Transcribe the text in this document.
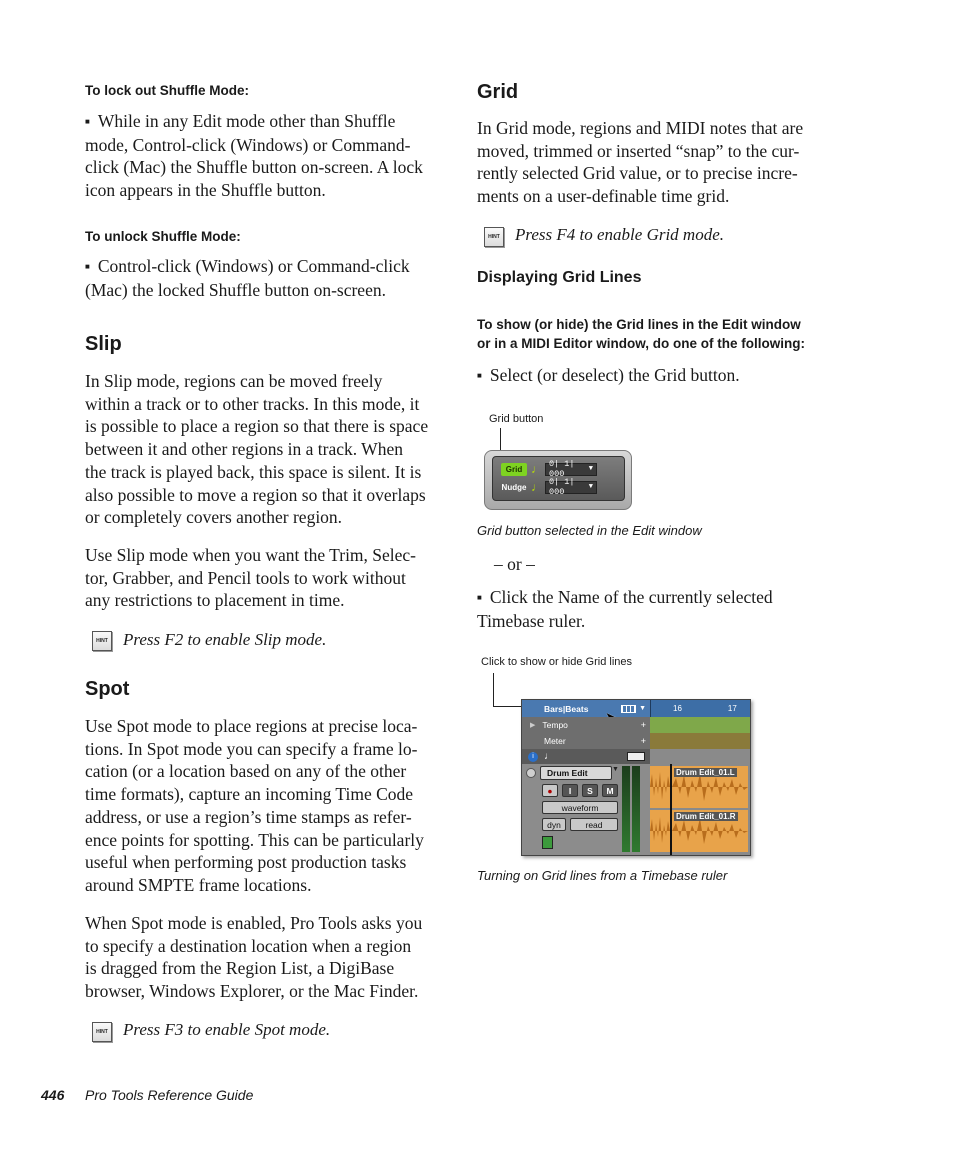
To lock out Shuffle Mode:
■ While in any Edit mode other than Shuffle
mode, Control-click (Windows) or Command-
click (Mac) the Shuffle button on-screen. A lock
icon appears in the Shuffle button.
To unlock Shuffle Mode:
■ Control-click (Windows) or Command-click
(Mac) the locked Shuffle button on-screen.
Slip
In Slip mode, regions can be moved freely
within a track or to other tracks. In this mode, it
is possible to place a region so that there is space
between it and other regions in a track. When
the track is played back, this space is silent. It is
also possible to move a region so that it overlaps
or completely covers another region.
Use Slip mode when you want the Trim, Selec-
tor, Grabber, and Pencil tools to work without
any restrictions to placement in time.
HINT Press F2 to enable Slip mode.
Spot
Use Spot mode to place regions at precise loca-
tions. In Spot mode you can specify a frame lo-
cation (or a location based on any of the other
time formats), capture an incoming Time Code
address, or use a region’s time stamps as refer-
ence points for spotting. This can be particularly
useful when performing post production tasks
around SMPTE frame locations.
When Spot mode is enabled, Pro Tools asks you
to specify a destination location when a region
is dragged from the Region List, a DigiBase
browser, Windows Explorer, or the Mac Finder.
HINT Press F3 to enable Spot mode.
Grid
In Grid mode, regions and MIDI notes that are
moved, trimmed or inserted “snap” to the cur-
rently selected Grid value, or to precise incre-
ments on a user-definable time grid.
HINT Press F4 to enable Grid mode.
Displaying Grid Lines
To show (or hide) the Grid lines in the Edit window
or in a MIDI Editor window, do one of the following:
■ Select (or deselect) the Grid button.
Grid button
Grid ♩ 0| 1| 000	▼
Nudge ♩ 0| 1| 000	▼
Grid button selected in the Edit window
– or –
■ Click the Name of the currently selected
Timebase ruler.
Click to show or hide Grid lines
Bars|Beats	▼	16	17
▶ Tempo	+
Meter	+
i	♩
Drum Edit	▼
●	I	S	M
waveform
dyn	read
Drum Edit_01.L
Drum Edit_01.R
Turning on Grid lines from a Timebase ruler
446 Pro Tools Reference Guide
